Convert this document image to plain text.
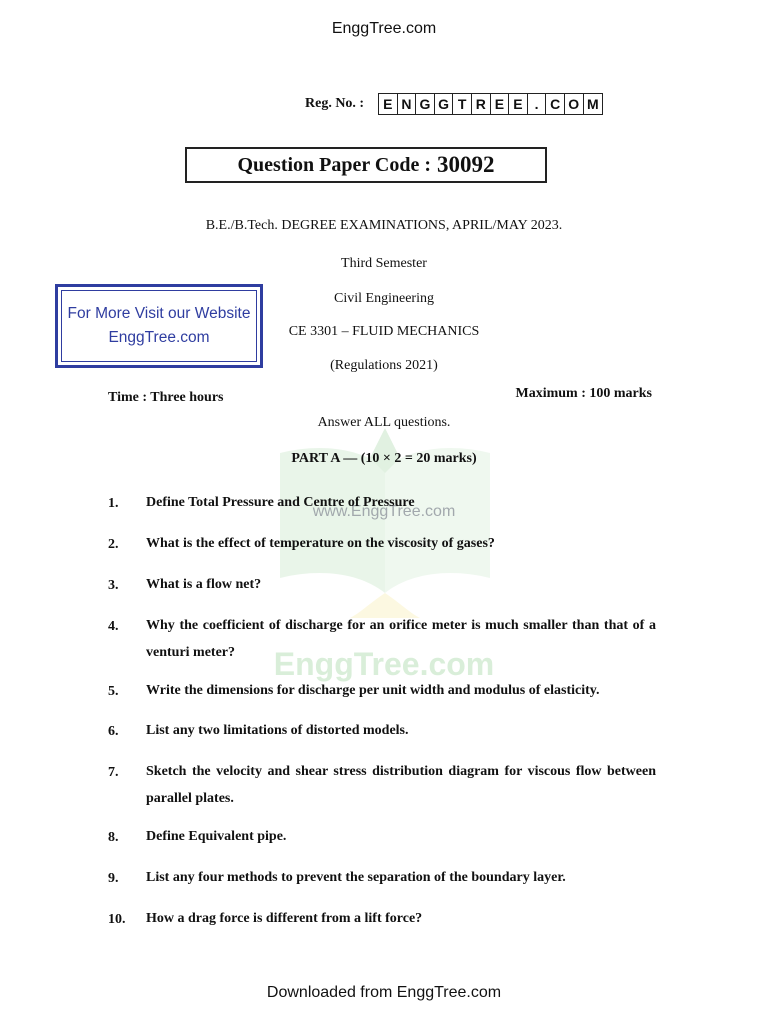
www.EnggTree.com
EnggTree.com
EnggTree.com
Reg. No. : E N G G T R E E . C O M
Question Paper Code : 30092
B.E./B.Tech. DEGREE EXAMINATIONS, APRIL/MAY 2023.
Third Semester
Civil Engineering
CE 3301 – FLUID MECHANICS
(Regulations 2021)
For More Visit our Website
EnggTree.com
Time : Three hours	Maximum : 100 marks
Answer ALL questions.
PART A — (10 × 2 = 20 marks)
1.	Define Total Pressure and Centre of Pressure
2.	What is the effect of temperature on the viscosity of gases?
3.	What is a flow net?
4.	Why the coefficient of discharge for an orifice meter is much smaller than that of a venturi meter?
5.	Write the dimensions for discharge per unit width and modulus of elasticity.
6.	List any two limitations of distorted models.
7.	Sketch the velocity and shear stress distribution diagram for viscous flow between parallel plates.
8.	Define Equivalent pipe.
9.	List any four methods to prevent the separation of the boundary layer.
10.	How a drag force is different from a lift force?
Downloaded from EnggTree.com
